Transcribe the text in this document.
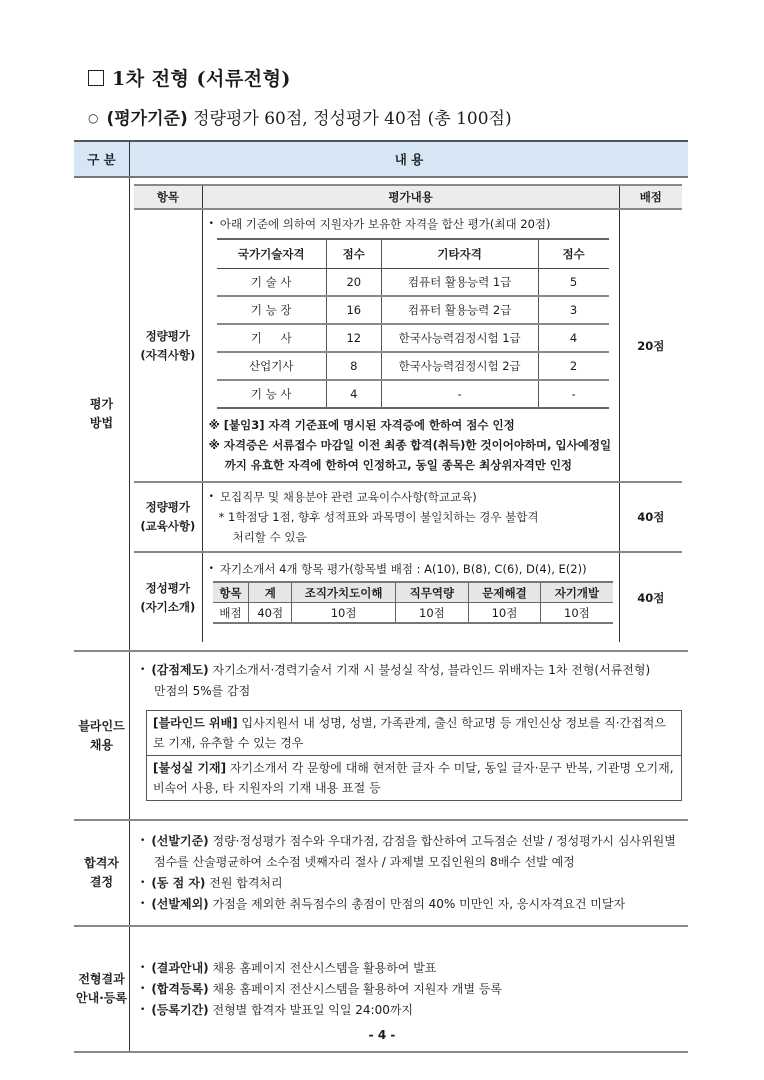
1차 전형 (서류전형)
○ (평가기준) 정량평가 60점, 정성평가 40점 (총 100점)
구 분	내 용
평가
방법	
항목	평가내용	배점
정량평가
(자격사항)	
• 아래 기준에 의하여 지원자가 보유한 자격을 합산 평가(최대 20점)
국가기술자격	점수	기타자격	점수
기 술 사	20	컴퓨터 활용능력 1급	5
기 능 장	16	컴퓨터 활용능력 2급	3
기 　 사	12	한국사능력검정시험 1급	4
산업기사	8	한국사능력검정시험 2급	2
기 능 사	4	-	-
※ [붙임3] 자격 기준표에 명시된 자격증에 한하여 점수 인정
※ 자격증은 서류접수 마감일 이전 최종 합격(취득)한 것이어야하며, 입사예정일
까지 유효한 자격에 한하여 인정하고, 동일 종목은 최상위자격만 인정
	20점
정량평가
(교육사항)	
• 모집직무 및 채용분야 관련 교육이수사항(학교교육)
* 1학점당 1점, 향후 성적표와 과목명이 불일치하는 경우 불합격
처리할 수 있음
	40점
정성평가
(자기소개)	
• 자기소개서 4개 항목 평가(항목별 배점 : A(10), B(8), C(6), D(4), E(2))
항목	계	조직가치도이해	직무역량	문제해결	자기개발
배점	40점	10점	10점	10점	10점
	40점

블라인드
채용	
• (감점제도) 자기소개서·경력기술서 기재 시 불성실 작성, 블라인드 위배자는 1차 전형(서류전형)
만점의 5%를 감점
[블라인드 위배] 입사지원서 내 성명, 성별, 가족관계, 출신 학교명 등 개인신상 정보를 직·간접적으로 기재, 유추할 수 있는 경우
[불성실 기재] 자기소개서 각 문항에 대해 현저한 글자 수 미달, 동일 글자·문구 반복, 기관명 오기재, 비속어 사용, 타 지원자의 기재 내용 표절 등

합격자
결정	
• (선발기준) 정량·정성평가 점수와 우대가점, 감점을 합산하여 고득점순 선발 / 정성평가시 심사위원별 점수를 산술평균하여 소수점 넷째자리 절사 / 과제별 모집인원의 8배수 선발 예정
• (동 점 자) 전원 합격처리
• (선발제외) 가점을 제외한 취득점수의 총점이 만점의 40% 미만인 자, 응시자격요건 미달자

전형결과
안내·등록	
• (결과안내) 채용 홈페이지 전산시스템을 활용하여 발표
• (합격등록) 채용 홈페이지 전산시스템을 활용하여 지원자 개별 등록
• (등록기간) 전형별 합격자 발표일 익일 24:00까지
- 4 -
